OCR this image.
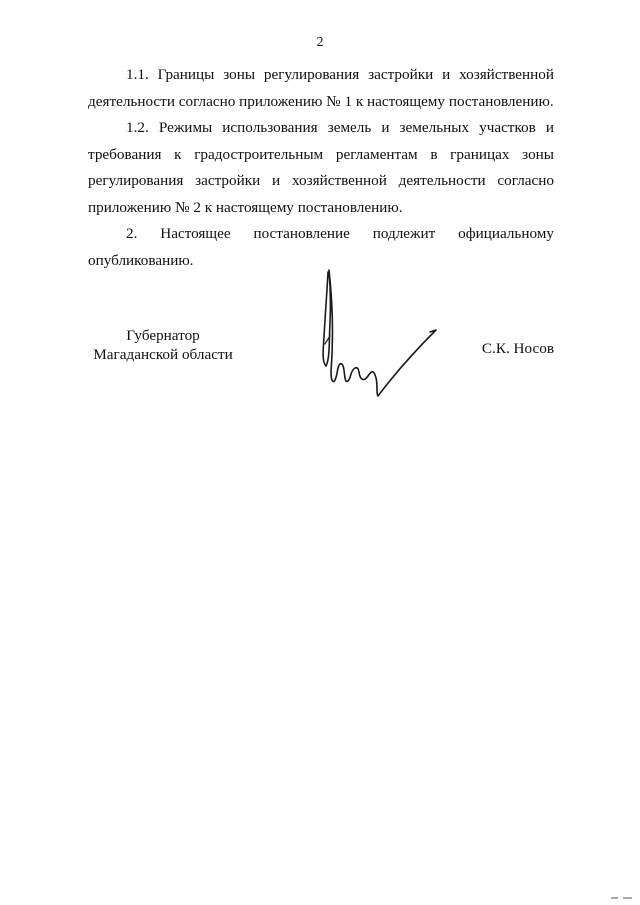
2

1.1. Границы зоны регулирования застройки и хозяйственной деятельности согласно приложению № 1 к настоящему постановлению.

1.2. Режимы использования земель и земельных участков и требования к градостроительным регламентам в границах зоны регулирования застройки и хозяйственной деятельности согласно приложению № 2 к настоящему постановлению.

2. Настоящее постановление подлежит официальному опубликованию.

Губернатор
Магаданской области	С.К. Носов
